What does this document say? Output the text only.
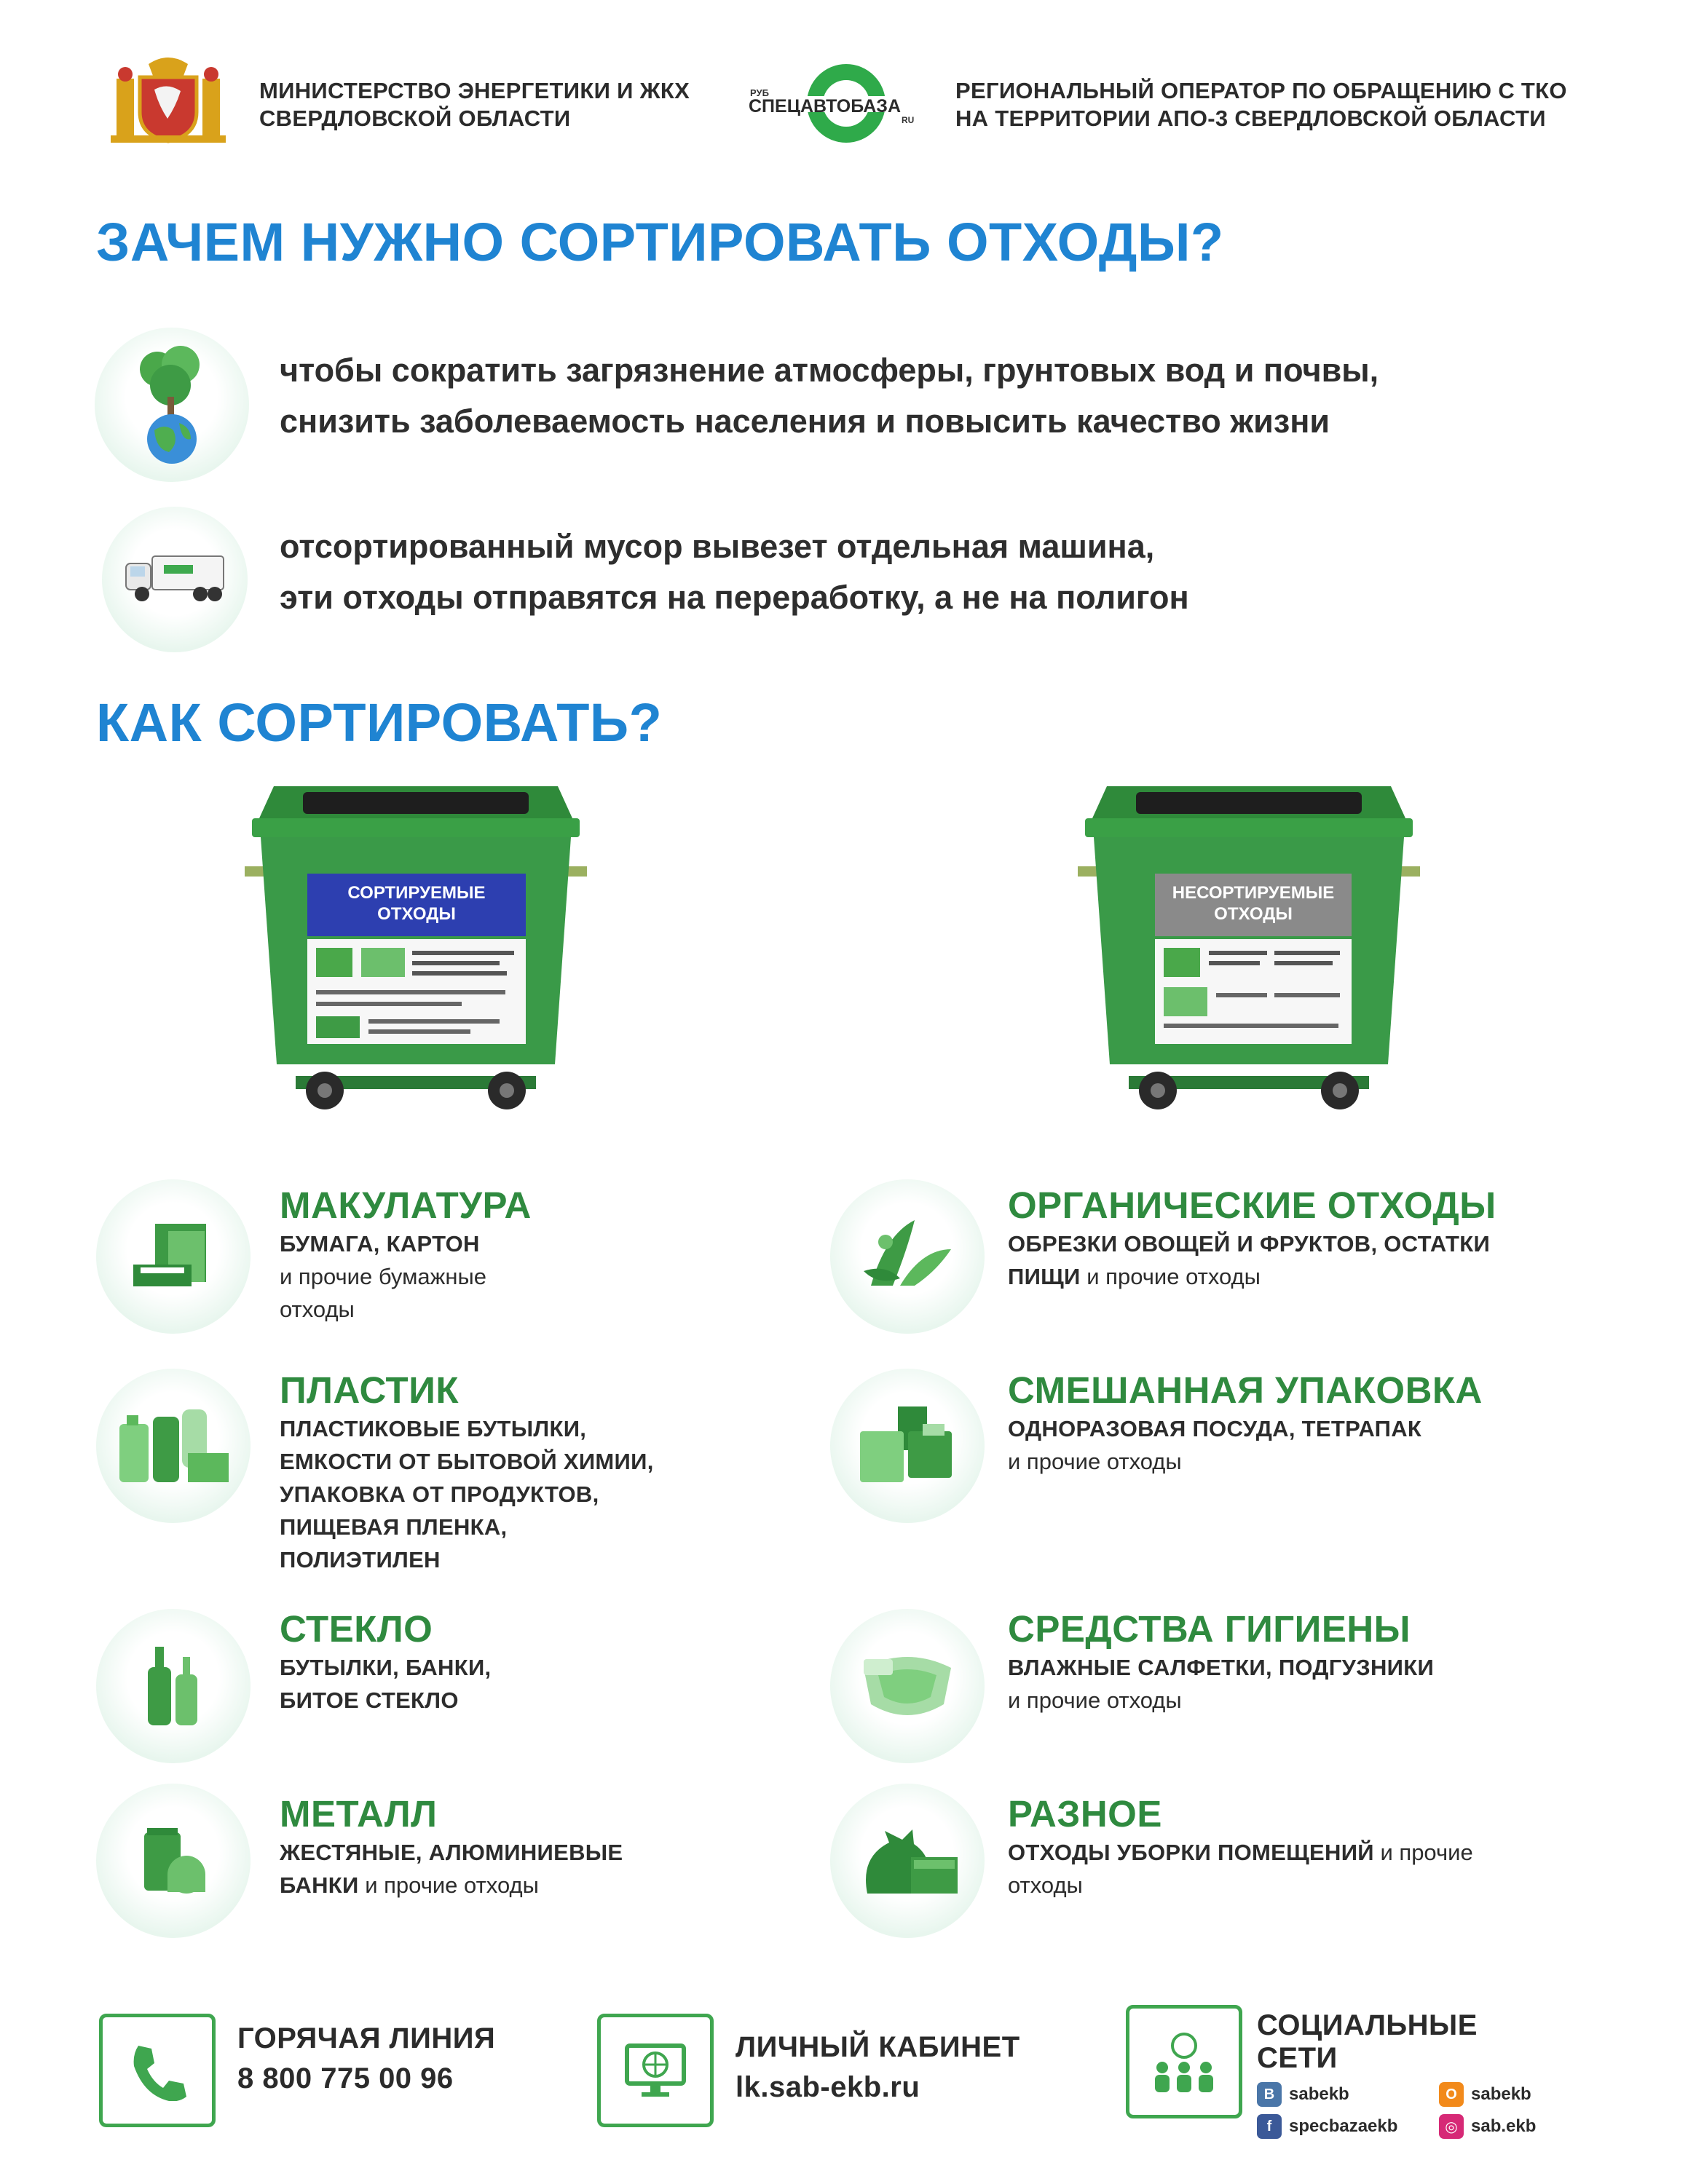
МИНИСТЕРСТВО ЭНЕРГЕТИКИ И ЖКХ
СВЕРДЛОВСКОЙ ОБЛАСТИ
РУБ
СПЕЦАВТОБАЗА
RU
РЕГИОНАЛЬНЫЙ ОПЕРАТОР ПО ОБРАЩЕНИЮ С ТКО
НА ТЕРРИТОРИИ АПО-3 СВЕРДЛОВСКОЙ ОБЛАСТИ
ЗАЧЕМ НУЖНО СОРТИРОВАТЬ ОТХОДЫ?
чтобы сократить загрязнение атмосферы, грунтовых вод и почвы,
снизить заболеваемость населения и повысить качество жизни
отсортированный мусор вывезет отдельная машина,
эти отходы отправятся на переработку, а не на полигон
КАК СОРТИРОВАТЬ?
СОРТИРУЕМЫЕ
ОТХОДЫ
НЕСОРТИРУЕМЫЕ
ОТХОДЫ
МАКУЛАТУРА
БУМАГА, КАРТОН
и прочие бумажные
отходы
ПЛАСТИК
ПЛАСТИКОВЫЕ БУТЫЛКИ,
ЕМКОСТИ ОТ БЫТОВОЙ ХИМИИ,
УПАКОВКА ОТ ПРОДУКТОВ,
ПИЩЕВАЯ ПЛЕНКА,
ПОЛИЭТИЛЕН
СТЕКЛО
БУТЫЛКИ, БАНКИ,
БИТОЕ СТЕКЛО
МЕТАЛЛ
ЖЕСТЯНЫЕ, АЛЮМИНИЕВЫЕ
БАНКИ и прочие отходы
ОРГАНИЧЕСКИЕ ОТХОДЫ
ОБРЕЗКИ ОВОЩЕЙ И ФРУКТОВ, ОСТАТКИ
ПИЩИ и прочие отходы
СМЕШАННАЯ УПАКОВКА
ОДНОРАЗОВАЯ ПОСУДА, ТЕТРАПАК
и прочие отходы
СРЕДСТВА ГИГИЕНЫ
ВЛАЖНЫЕ САЛФЕТКИ, ПОДГУЗНИКИ
и прочие отходы
РАЗНОЕ
ОТХОДЫ УБОРКИ ПОМЕЩЕНИЙ и прочие
отходы
ГОРЯЧАЯ ЛИНИЯ
8 800 775 00 96
ЛИЧНЫЙ КАБИНЕТ
lk.sab-ekb.ru
СОЦИАЛЬНЫЕ СЕТИ
В sabekb	О sabekb
f specbazaekb	◎ sab.ekb
